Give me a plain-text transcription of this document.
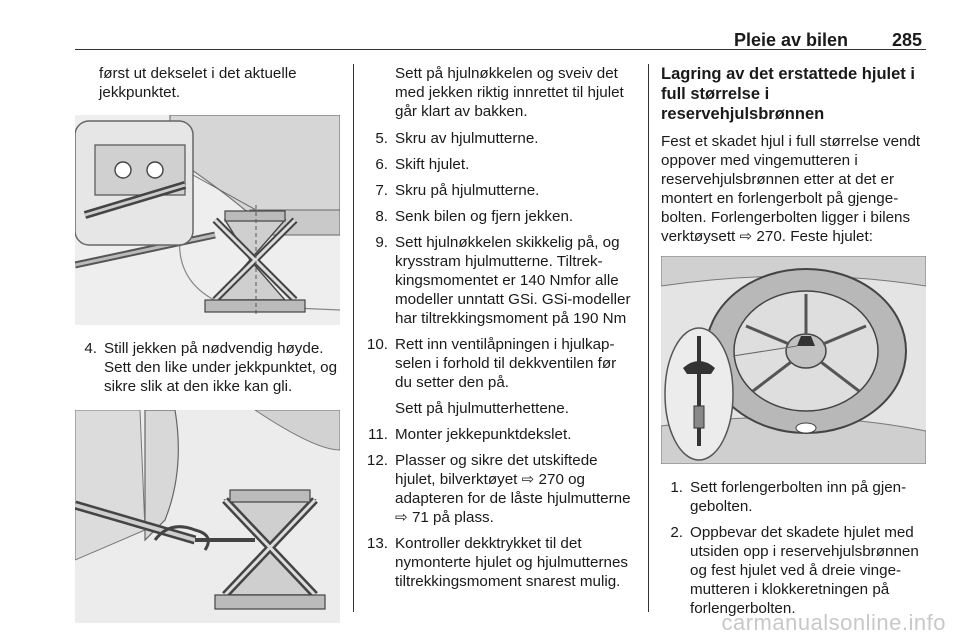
Pleie av bilen 285

først ut dekselet i det aktuelle jekkpunktet.

4. Still jekken på nødvendig høyde. Sett den like under jekkpunktet, og sikre slik at den ikke kan gli.

Sett på hjulnøkkelen og sveiv det med jekken riktig innrettet til hjulet går klart av bakken.

5. Skru av hjulmutterne.
6. Skift hjulet.
7. Skru på hjulmutterne.
8. Senk bilen og fjern jekken.
9. Sett hjulnøkkelen skikkelig på, og krysstram hjulmutterne. Tiltrekkingsmomentet er 140 Nmfor alle modeller unntatt GSi. GSi-modeller har tiltrekkingsmoment på 190 Nm
10. Rett inn ventilåpningen i hjulkapselen i forhold til dekkventilen før du setter den på.

Sett på hjulmutterhettene.

11. Monter jekkepunktdekslet.
12. Plasser og sikre det utskiftede hjulet, bilverktøyet ⇨ 270 og adapteren for de låste hjulmutterne ⇨ 71 på plass.
13. Kontroller dekktrykket til det nymonterte hjulet og hjulmutternes tiltrekkingsmoment snarest mulig.
Lagring av det erstattede hjulet i full størrelse i reservehjulsbrønnen

Fest et skadet hjul i full størrelse vendt oppover med vingemutteren i reservehjulsbrønnen etter at det er montert en forlengerbolt på gjengebolten. Forlengerbolten ligger i bilens verktøysett ⇨ 270. Feste hjulet:

1. Sett forlengerbolten inn på gjengebolten.
2. Oppbevar det skadete hjulet med utsiden opp i reservehjulsbrønnen og fest hjulet ved å dreie vingemutteren i klokkeretningen på forlengerbolten.
carmanualsonline.info
